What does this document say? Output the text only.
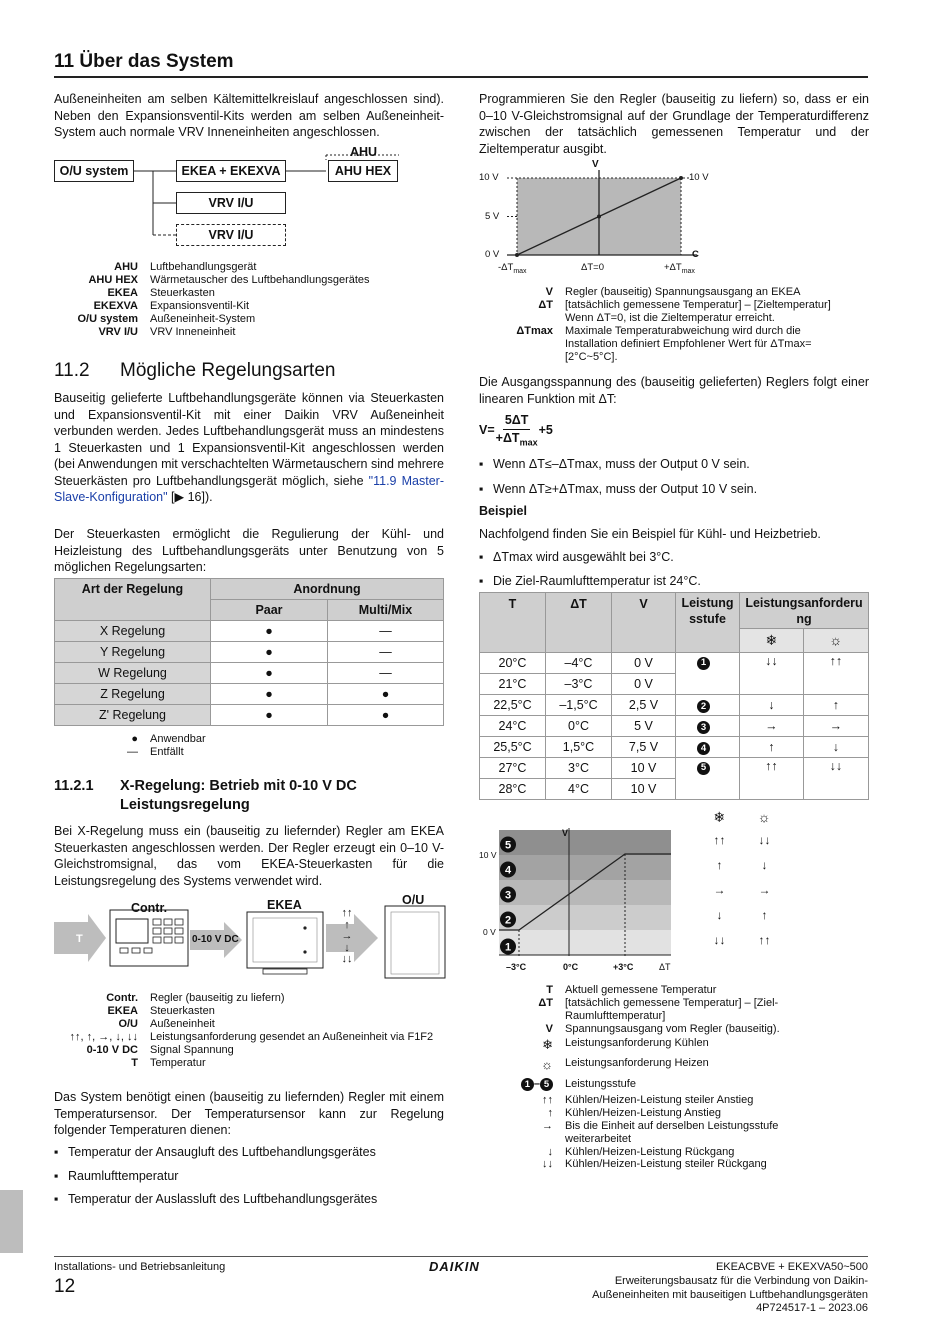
11 Über das System

Außeneinheiten am selben Kältemittelkreislauf angeschlossen sind). Neben den Expansionsventil-Kits werden am selben Außeneinheit-System auch normale VRV Inneneinheiten angeschlossen.

O/U system	EKEA + EKEXVA
AHU
AHU HEX
VRV I/U
VRV I/U
AHU	Luftbehandlungsgerät
AHU HEX	Wärmetauscher des Luftbehandlungsgerätes
EKEA	Steuerkasten
EKEXVA	Expansionsventil-Kit
O/U system	Außeneinheit-System
VRV I/U	VRV Inneneinheit
11.2 Mögliche Regelungsarten

Bauseitig gelieferte Luftbehandlungsgeräte können via Steuerkasten und Expansionsventil-Kit mit einer Daikin VRV Außeneinheit verbunden werden. Jedes Luftbehandlungsgerät muss an mindestens 1 Steuerkasten und 1 Expansionsventil-Kit angeschlossen werden (bei Anwendungen mit verschachtelten Wärmetauschern sind mehrere Steuerkästen pro Luftbehandlungsgerät möglich, siehe "11.9 Master-Slave-Konfiguration" [▶ 16]).

Der Steuerkasten ermöglicht die Regulierung der Kühl- und Heizleistung des Luftbehandlungsgeräts unter Benutzung von 5 möglichen Regelungsarten:

Art der Regelung	Anordnung	
	Paar	Multi/Mix
X Regelung	●	—
Y Regelung	●	—
W Regelung	●	—
Z Regelung	●	●
Z' Regelung	●	●
●	Anwendbar
—	Entfällt
11.2.1	X-Regelung: Betrieb mit 0-10 V DC Leistungsregelung

Bei X-Regelung muss ein (bauseitig zu liefernder) Regler am EKEA Steuerkasten angeschlossen werden. Der Regler erzeugt ein 0–10 V-Gleichstromsignal, das vom EKEA-Steuerkasten für die Leistungsregelung des Systems verwendet wird.

Contr.	EKEA	O/U
T	0-10 V DC
↑↑
↑
→
↓
↓↓
Contr.	Regler (bauseitig zu liefern)
EKEA	Steuerkasten
O/U	Außeneinheit
↑↑, ↑, →, ↓, ↓↓	Leistungsanforderung gesendet an Außeneinheit via F1F2
0-10 V DC	Signal Spannung
T	Temperatur

Das System benötigt einen (bauseitig zu liefernden) Regler mit einem Temperatursensor. Der Temperatursensor kann zur Regelung folgender Temperaturen dienen:

▪ Temperatur der Ansaugluft des Luftbehandlungsgerätes
▪ Raumlufttemperatur
▪ Temperatur der Auslassluft des Luftbehandlungsgerätes

Programmieren Sie den Regler (bauseitig zu liefern) so, dass er ein 0–10 V-Gleichstromsignal auf der Grundlage der Temperaturdifferenz zwischen der tatsächlich gemessenen Temperatur und der Zieltemperatur ausgibt.

V
10 V
5 V
0 V
10 V
C
$-\Delta T_{max}$	ΔT=0	$+\Delta T_{max}$
V	Regler (bauseitig) Spannungsausgang an EKEA
ΔT	[tatsächlich gemessene Temperatur] – [Zieltemperatur] Wenn ΔT=0, ist die Zieltemperatur erreicht.
ΔTmax	Maximale Temperaturabweichung wird durch die Installation definiert Empfohlener Wert für ΔTmax=[2°C~5°C].

Die Ausgangsspannung des (bauseitig gelieferten) Reglers folgt einer linearen Funktion mit ΔT:

V=
5ΔT
$+\Delta T_{max}$
+5
▪ Wenn ΔT≤–ΔTmax, muss der Output 0 V sein.
▪ Wenn ΔT≥+ΔTmax, muss der Output 10 V sein.
Beispiel

Nachfolgend finden Sie ein Beispiel für Kühl- und Heizbetrieb.

▪ ΔTmax wird ausgewählt bei 3°C.
▪ Die Ziel-Raumlufttemperatur ist 24°C.
T	ΔT	V	Leistung sstufe	Leistungsanforderu ng	
				❄	☼
20°C	–4°C	0 V	1	↓↓	↑↑
21°C	–3°C	0 V			
22,5°C	–1,5°C	2,5 V	2	↓	↑
24°C	0°C	5 V	3	→	→
25,5°C	1,5°C	7,5 V	4	↑	↓
27°C	3°C	10 V	5	↑↑	↓↓
28°C	4°C	10 V			
5
4
3
2
1
V
10 V
0 V
–3°C	0°C	+3°C	ΔT
❄ ☼
↑↑	↓↓
↑	↓
→	→
↓	↑
↓↓	↑↑
T	Aktuell gemessene Temperatur
ΔT	[tatsächlich gemessene Temperatur] – [Ziel-Raumlufttemperatur]
V	Spannungsausgang vom Regler (bauseitig).
❄	Leistungsanforderung Kühlen
☼	Leistungsanforderung Heizen
1 – 5	Leistungsstufe
↑↑	Kühlen/Heizen-Leistung steiler Anstieg
↑	Kühlen/Heizen-Leistung Anstieg
→	Bis die Einheit auf derselben Leistungsstufe weiterarbeitet
↓	Kühlen/Heizen-Leistung Rückgang
↓↓	Kühlen/Heizen-Leistung steiler Rückgang
Installations- und Betriebsanleitung
12
DAIKIN	EKEACBVE + EKEXVA50~500
Erweiterungsbausatz für die Verbindung von Daikin-
Außeneinheiten mit bauseitigen Luftbehandlungsgeräten
4P724517-1 – 2023.06
